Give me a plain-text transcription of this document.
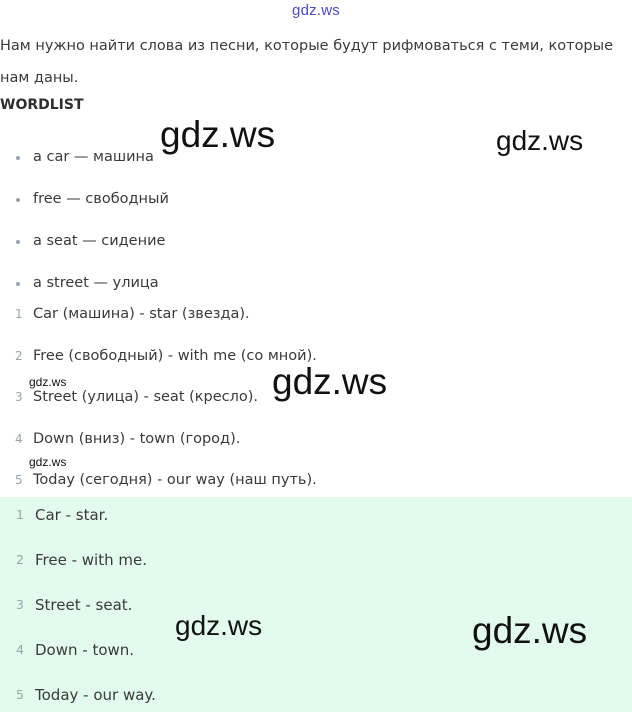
gdz.ws
Нам нужно найти слова из песни, которые будут рифмоваться с теми, которые нам даны.
WORDLIST
a car — машина
free — свободный
a seat — сидение
a street — улица
1 Car (машина) - star (звезда).
2 Free (свободный) - with me (со мной).
3 Street (улица) - seat (кресло).
4 Down (вниз) - town (город).
5 Today (сегодня) - our way (наш путь).
1 Car - star.
2 Free - with me.
3 Street - seat.
4 Down - town.
5 Today - our way.
gdz.ws	gdz.ws
gdz.ws	gdz.ws
gdz.ws
gdz.ws	gdz.ws
